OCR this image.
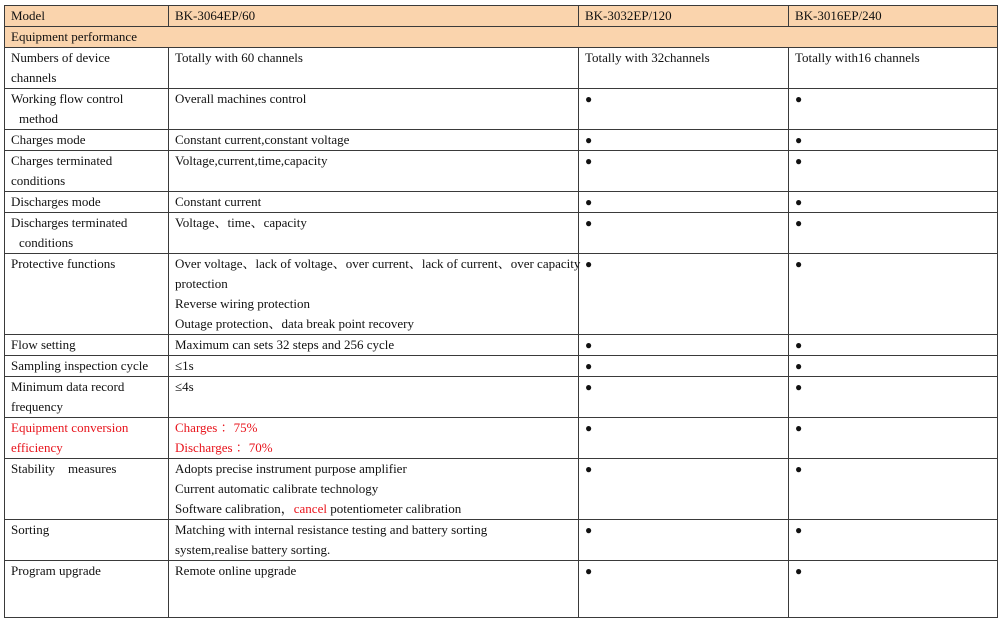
Model	BK-3064EP/60	BK-3032EP/120	BK-3016EP/240
Equipment performance			

Numbers of device
channels	Totally with 60 channels	Totally with 32channels	Totally with16 channels

Working flow control
method	Overall machines control	●	●
Charges mode	Constant current,constant voltage	●	●

Charges terminated
conditions	Voltage,current,time,capacity	●	●
Discharges mode	Constant current	●	●

Discharges terminated
conditions	Voltage、time、capacity	●	●
Protective functions	Over voltage、lack of voltage、over current、lack of current、over capacity
protection
Reverse wiring protection
Outage protection、data break point recovery	●	●
Flow setting	Maximum can sets 32 steps and 256 cycle	●	●
Sampling inspection cycle	≤1s	●	●

Minimum data record
frequency	≤4s	●	●

Equipment conversion
efficiency	Charges ：75%
Discharges ：70%	●	●
Stability    measures	Adopts precise instrument purpose amplifier
Current automatic calibrate technology
Software calibration，cancel potentiometer calibration	●	●
Sorting	Matching with internal resistance testing and battery sorting
system,realise battery sorting.	●	●
Program upgrade	Remote online upgrade	●	●
